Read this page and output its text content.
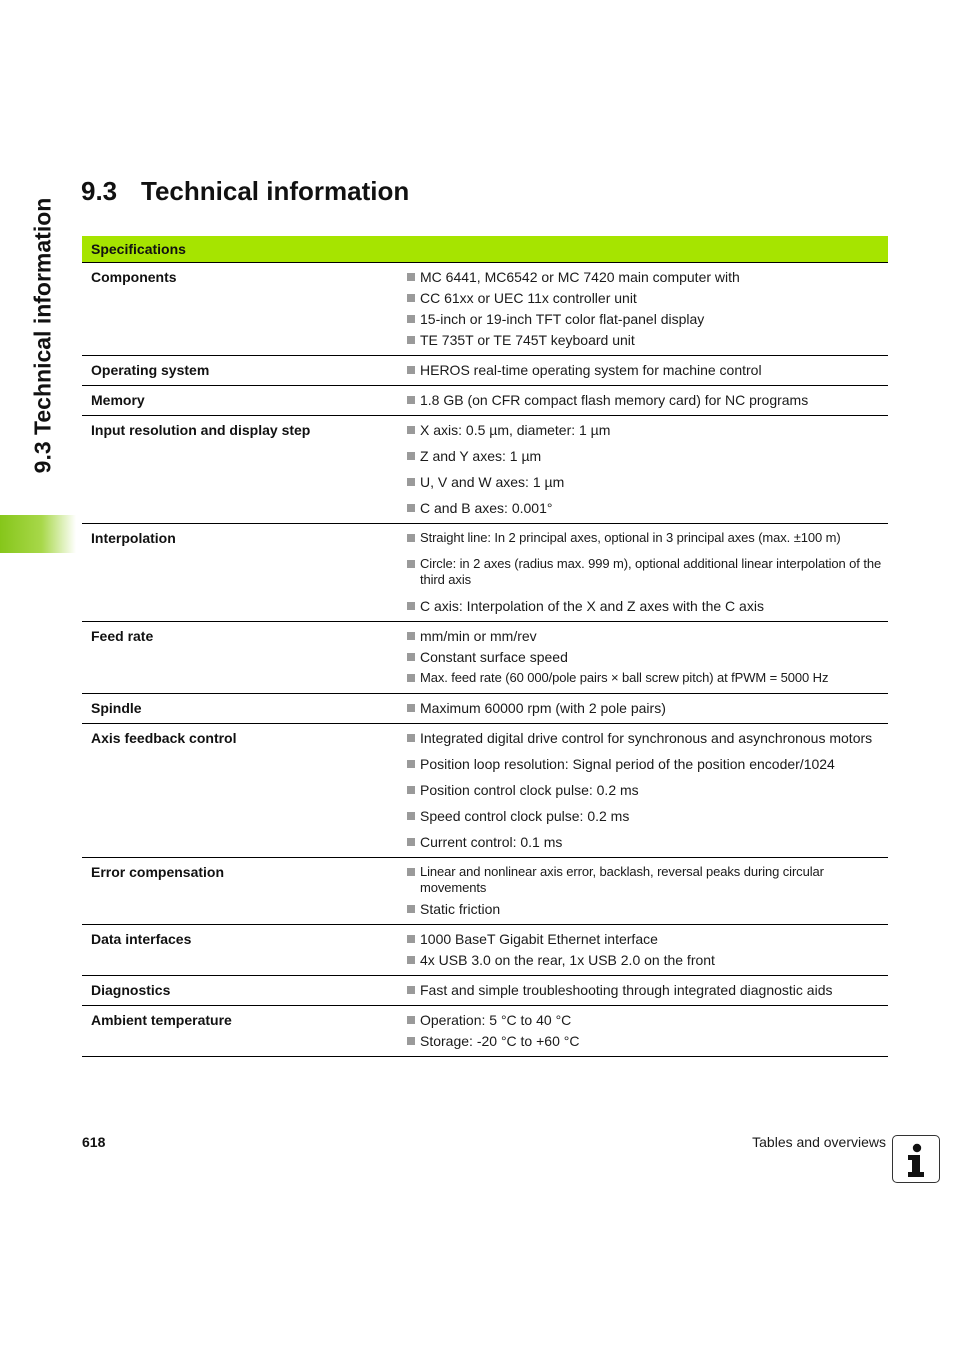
9.3 Technical information
9.3 Technical information
Specifications
Components	MC 6441, MC6542 or MC 7420 main computer with
CC 61xx or UEC 11x controller unit
15-inch or 19-inch TFT color flat-panel display
TE 735T or TE 745T keyboard unit
Operating system	HEROS real-time operating system for machine control
Memory	1.8 GB (on CFR compact flash memory card) for NC programs
Input resolution and display step	X axis: 0.5 µm, diameter: 1 µm
Z and Y axes: 1 µm
U, V and W axes: 1 µm
C and B axes: 0.001°
Interpolation	Straight line: In 2 principal axes, optional in 3 principal axes (max. ±100 m)
Circle: in 2 axes (radius max. 999 m), optional additional linear interpolation of the third axis
C axis: Interpolation of the X and Z axes with the C axis
Feed rate	mm/min or mm/rev
Constant surface speed
Max. feed rate (60 000/pole pairs × ball screw pitch) at fPWM = 5000 Hz
Spindle	Maximum 60000 rpm (with 2 pole pairs)
Axis feedback control	Integrated digital drive control for synchronous and asynchronous motors
Position loop resolution: Signal period of the position encoder/1024
Position control clock pulse: 0.2 ms
Speed control clock pulse: 0.2 ms
Current control: 0.1 ms
Error compensation	Linear and nonlinear axis error, backlash, reversal peaks during circular movements
Static friction
Data interfaces	1000 BaseT Gigabit Ethernet interface
4x USB 3.0 on the rear, 1x USB 2.0 on the front
Diagnostics	Fast and simple troubleshooting through integrated diagnostic aids
Ambient temperature	Operation: 5 °C to 40 °C
Storage: -20 °C to +60 °C
618	Tables and overviews
